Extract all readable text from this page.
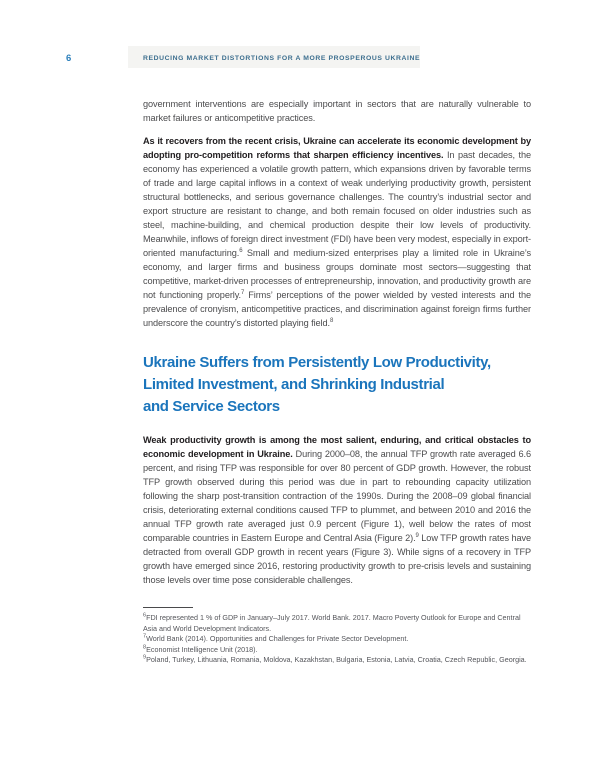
6	REDUCING MARKET DISTORTIONS FOR A MORE PROSPEROUS UKRAINE

government interventions are especially important in sectors that are naturally vulnerable to market failures or anticompetitive practices.

As it recovers from the recent crisis, Ukraine can accelerate its economic development by adopting pro-competition reforms that sharpen efficiency incentives. In past decades, the economy has experienced a volatile growth pattern, which expansions driven by favorable terms of trade and large capital inflows in a context of weak underlying productivity growth, persistent structural bottlenecks, and serious governance challenges. The country’s industrial sector and export structure are resistant to change, and both remain focused on older industries such as steel, machine-building, and chemical production despite their low levels of productivity. Meanwhile, inflows of foreign direct investment (FDI) have been very modest, especially in export-oriented manufacturing.$^6$ Small and medium-sized enterprises play a limited role in Ukraine’s economy, and larger firms and business groups dominate most sectors—suggesting that competitive, market-driven processes of entrepreneurship, innovation, and productivity growth are not functioning properly.$^7$ Firms’ perceptions of the power wielded by vested interests and the prevalence of cronyism, anticompetitive practices, and discrimination against foreign firms further underscore the country’s distorted playing field.$^8$

Ukraine Suffers from Persistently Low Productivity,
Limited Investment, and Shrinking Industrial
and Service Sectors

Weak productivity growth is among the most salient, enduring, and critical obstacles to economic development in Ukraine. During 2000–08, the annual TFP growth rate averaged 6.6 percent, and rising TFP was responsible for over 80 percent of GDP growth. However, the robust TFP growth observed during this period was due in part to rebounding capacity utilization following the sharp post-transition contraction of the 1990s. During the 2008–09 global financial crisis, deteriorating external conditions caused TFP to plummet, and between 2010 and 2016 the annual TFP growth rate averaged just 0.9 percent (Figure 1), well below the rates of most comparable countries in Eastern Europe and Central Asia (Figure 2).$^9$ Low TFP growth rates have detracted from overall GDP growth in recent years (Figure 3). While signs of a recovery in TFP growth have emerged since 2016, restoring productivity growth to pre-crisis levels and sustaining those levels over time pose considerable challenges.

$^6$FDI represented 1 % of GDP in January–July 2017. World Bank. 2017. Macro Poverty Outlook for Europe and Central Asia and World Development Indicators.

$^7$World Bank (2014). Opportunities and Challenges for Private Sector Development.

$^8$Economist Intelligence Unit (2018).

$^9$Poland, Turkey, Lithuania, Romania, Moldova, Kazakhstan, Bulgaria, Estonia, Latvia, Croatia, Czech Republic, Georgia.
